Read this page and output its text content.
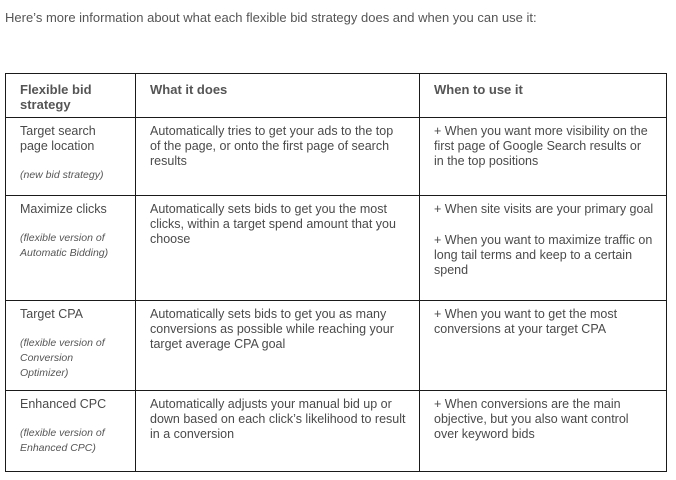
Here’s more information about what each flexible bid strategy does and when you can use it:

Flexible bid strategy	What it does	When to use it

Target search page location
(new bid strategy)	Automatically tries to get your ads to the top of the page, or onto the first page of search results	+ When you want more visibility on the first page of Google Search results or in the top positions

Maximize clicks
(flexible version of Automatic Bidding)	Automatically sets bids to get you the most clicks, within a target spend amount that you choose	+ When site visits are your primary goal
+ When you want to maximize traffic on long tail terms and keep to a certain spend

Target CPA
(flexible version of Conversion Optimizer)	Automatically sets bids to get you as many conversions as possible while reaching your target average CPA goal	+ When you want to get the most conversions at your target CPA

Enhanced CPC
(flexible version of Enhanced CPC)	Automatically adjusts your manual bid up or down based on each click’s likelihood to result in a conversion	+ When conversions are the main objective, but you also want control over keyword bids
